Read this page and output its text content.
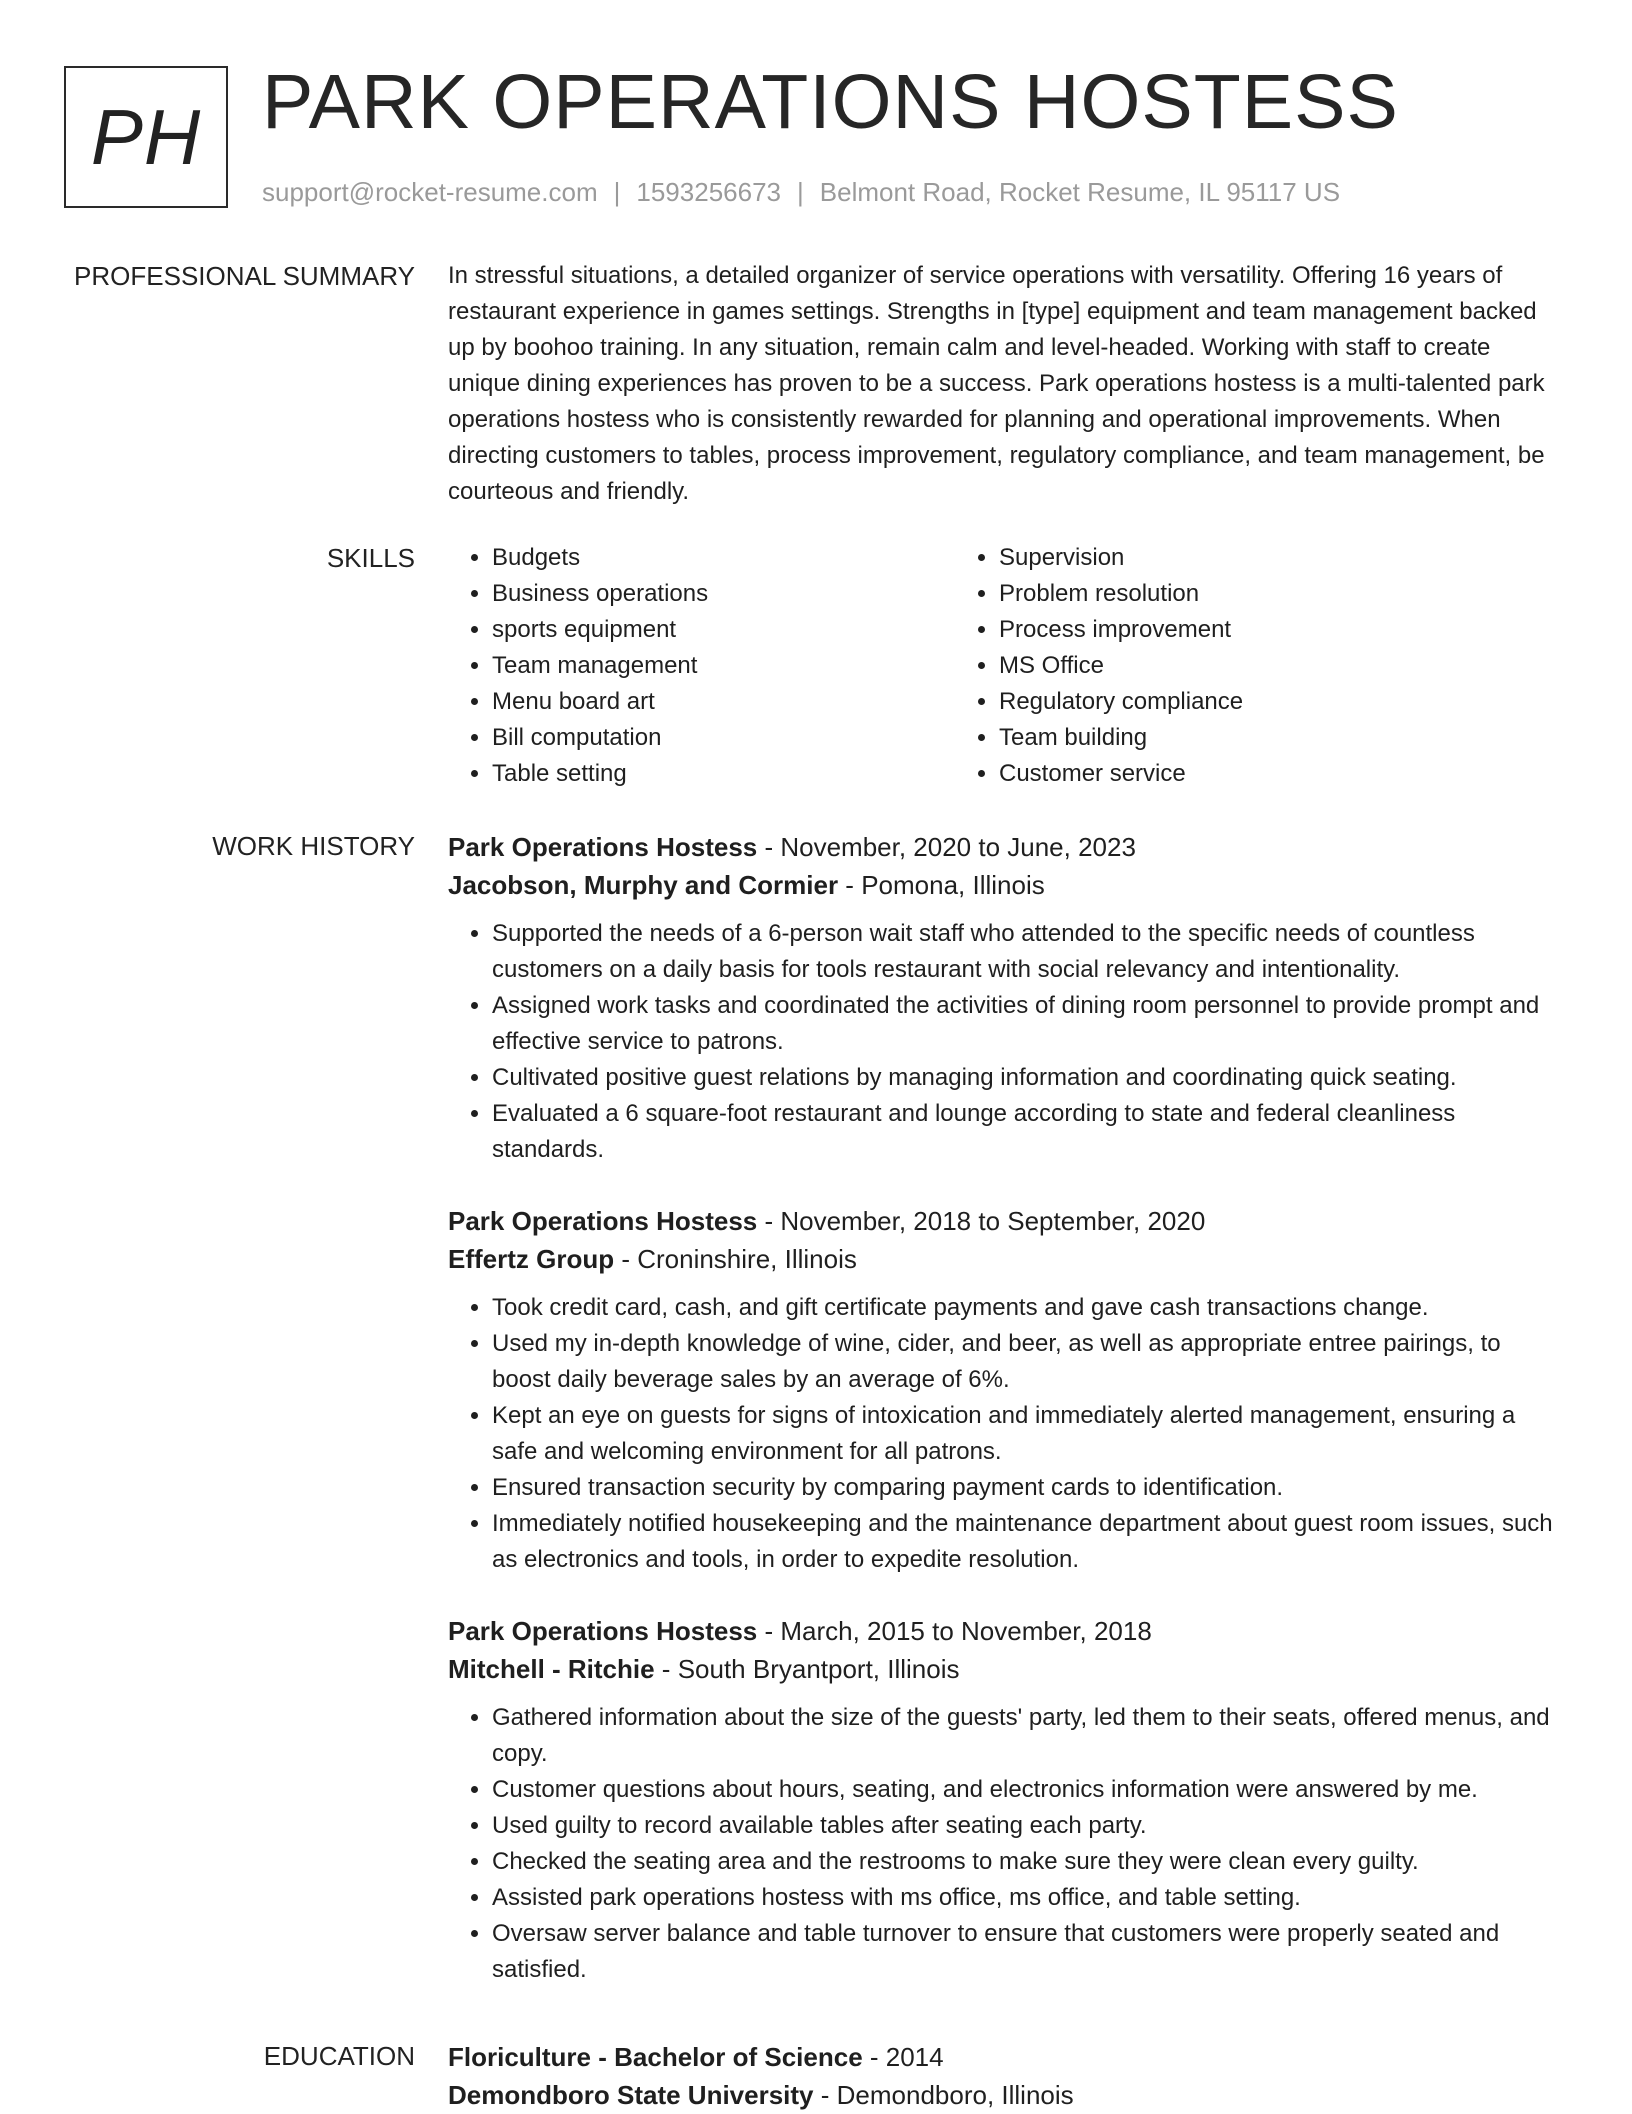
PH PARK OPERATIONS HOSTESS
support@rocket-resume.com | 1593256673 | Belmont Road, Rocket Resume, IL 95117 US
PROFESSIONAL SUMMARY In stressful situations, a detailed organizer of service operations with versatility. Offering 16 years of restaurant experience in games settings. Strengths in [type] equipment and team management backed up by boohoo training. In any situation, remain calm and level-headed. Working with staff to create unique dining experiences has proven to be a success. Park operations hostess is a multi-talented park operations hostess who is consistently rewarded for planning and operational improvements. When directing customers to tables, process improvement, regulatory compliance, and team management, be courteous and friendly.

SKILLS
•	Budgets
• Business operations
• sports equipment
• Team management
• Menu board art
• Bill computation
• Table setting
• Supervision
• Problem resolution
• Process improvement
• MS Office
• Regulatory compliance
• Team building
• Customer service
WORK HISTORY Park Operations Hostess - November, 2020 to June, 2023
Jacobson, Murphy and Cormier - Pomona, Illinois
• Supported the needs of a 6-person wait staff who attended to the specific needs of countless customers on a daily basis for tools restaurant with social relevancy and intentionality.
• Assigned work tasks and coordinated the activities of dining room personnel to provide prompt and effective service to patrons.
• Cultivated positive guest relations by managing information and coordinating quick seating.
• Evaluated a 6 square-foot restaurant and lounge according to state and federal cleanliness standards.
Park Operations Hostess - November, 2018 to September, 2020
Effertz Group - Croninshire, Illinois
• Took credit card, cash, and gift certificate payments and gave cash transactions change.
• Used my in-depth knowledge of wine, cider, and beer, as well as appropriate entree pairings, to boost daily beverage sales by an average of 6%.
• Kept an eye on guests for signs of intoxication and immediately alerted management, ensuring a safe and welcoming environment for all patrons.
• Ensured transaction security by comparing payment cards to identification.
• Immediately notified housekeeping and the maintenance department about guest room issues, such as electronics and tools, in order to expedite resolution.
Park Operations Hostess - March, 2015 to November, 2018
Mitchell - Ritchie - South Bryantport, Illinois
• Gathered information about the size of the guests' party, led them to their seats, offered menus, and copy.
• Customer questions about hours, seating, and electronics information were answered by me.
• Used guilty to record available tables after seating each party.
• Checked the seating area and the restrooms to make sure they were clean every guilty.
• Assisted park operations hostess with ms office, ms office, and table setting.
• Oversaw server balance and table turnover to ensure that customers were properly seated and satisfied.
EDUCATION Floriculture - Bachelor of Science - 2014
Demondboro State University - Demondboro, Illinois
